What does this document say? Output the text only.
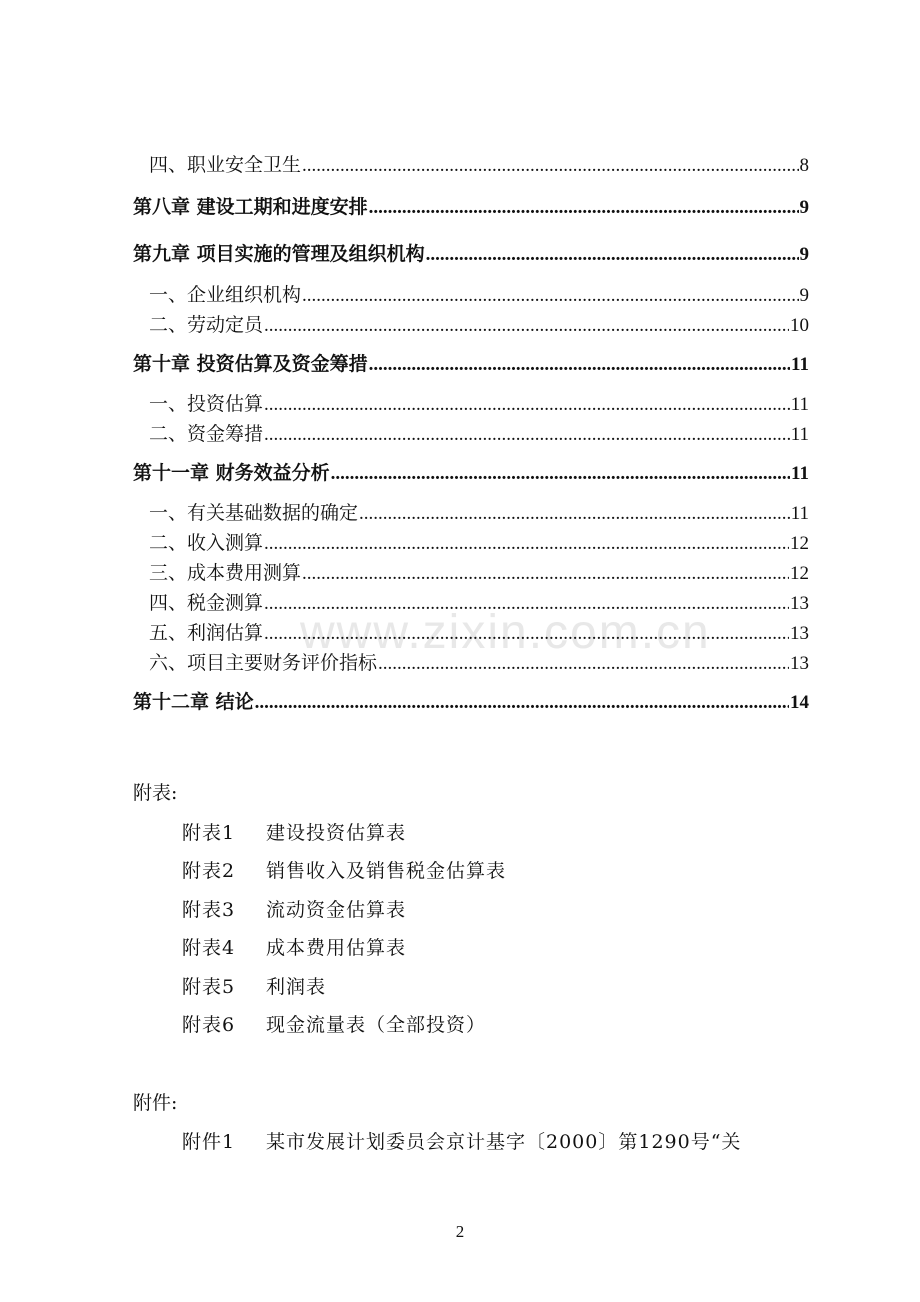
www.zixin.com.cn
四、职业安全卫生 .....	8
第八章 建设工期和进度安排 .....	9
第九章 项目实施的管理及组织机构 .....	9
一、企业组织机构 .....	9
二、劳动定员 .....	10
第十章 投资估算及资金筹措 .....	11
一、投资估算 .....	11
二、资金筹措 .....	11
第十一章 财务效益分析 .....	11
一、有关基础数据的确定 .....	11
二、收入测算 .....	12
三、成本费用测算 .....	12
四、税金测算 .....	13
五、利润估算 .....	13
六、项目主要财务评价指标 .....	13
第十二章 结论 .....	14
附表:
附表1 建设投资估算表
附表2 销售收入及销售税金估算表
附表3 流动资金估算表
附表4 成本费用估算表
附表5 利润表
附表6 现金流量表（全部投资）
附件:
附件1 某市发展计划委员会京计基字〔2000〕第1290号“关
2
